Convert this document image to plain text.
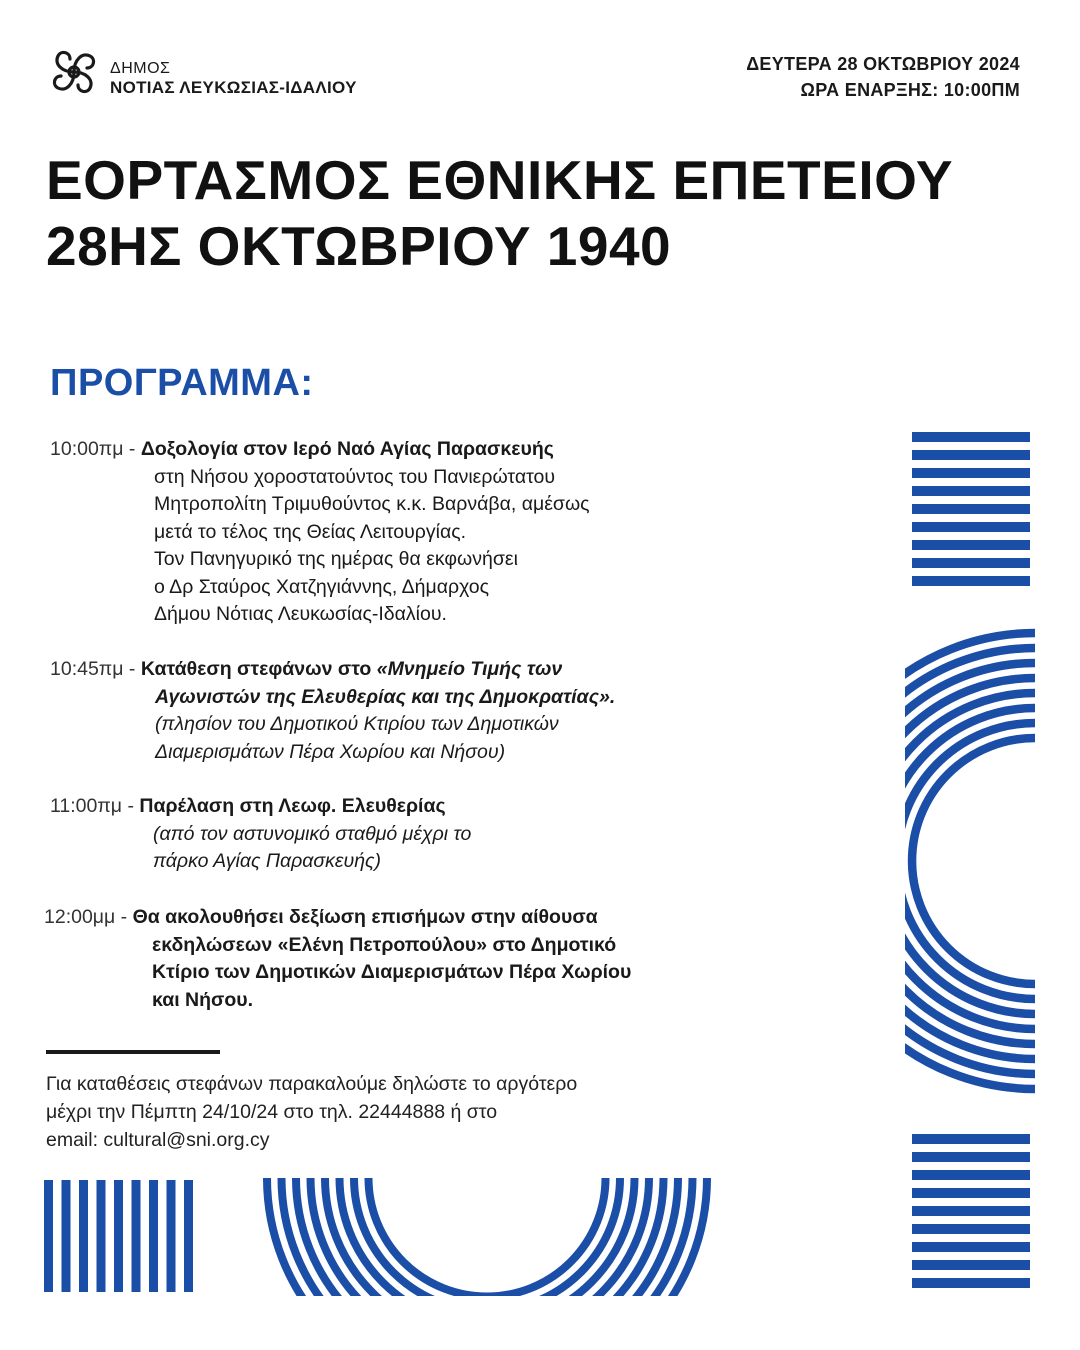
ΔΗΜΟΣ
ΝΟΤΙΑΣ ΛΕΥΚΩΣΙΑΣ-ΙΔΑΛΙΟΥ
ΔΕΥΤΕΡΑ 28 ΟΚΤΩΒΡΙΟΥ 2024
ΩΡΑ ΕΝΑΡΞΗΣ: 10:00ΠΜ
ΕΟΡΤΑΣΜΟΣ ΕΘΝΙΚΗΣ ΕΠΕΤΕΙΟΥ
28ΗΣ ΟΚΤΩΒΡΙΟΥ 1940
ΠΡΟΓΡΑΜΜΑ:
10:00πμ - Δοξολογία στον Ιερό Ναό Αγίας Παρασκευής
στη Νήσου χοροστατούντος του Πανιερώτατου
Μητροπολίτη Τριμυθούντος κ.κ. Βαρνάβα, αμέσως
μετά το τέλος της Θείας Λειτουργίας.
Τον Πανηγυρικό της ημέρας θα εκφωνήσει
ο Δρ Σταύρος Χατζηγιάννης, Δήμαρχος
Δήμου Νότιας Λευκωσίας-Ιδαλίου.
10:45πμ - Κατάθεση στεφάνων στο «Μνημείο Τιμής των
Αγωνιστών της Ελευθερίας και της Δημοκρατίας».
(πλησίον του Δημοτικού Κτιρίου των Δημοτικών
Διαμερισμάτων Πέρα Χωρίου και Νήσου)
11:00πμ - Παρέλαση στη Λεωφ. Ελευθερίας
(από τον αστυνομικό σταθμό μέχρι το
πάρκο Αγίας Παρασκευής)
12:00μμ - Θα ακολουθήσει δεξίωση επισήμων στην αίθουσα
εκδηλώσεων «Ελένη Πετροπούλου» στο Δημοτικό
Κτίριο των Δημοτικών Διαμερισμάτων Πέρα Χωρίου
και Νήσου.
Για καταθέσεις στεφάνων παρακαλούμε δηλώστε το αργότερο
μέχρι την Πέμπτη 24/10/24 στο τηλ. 22444888 ή στο
email: cultural@sni.org.cy
